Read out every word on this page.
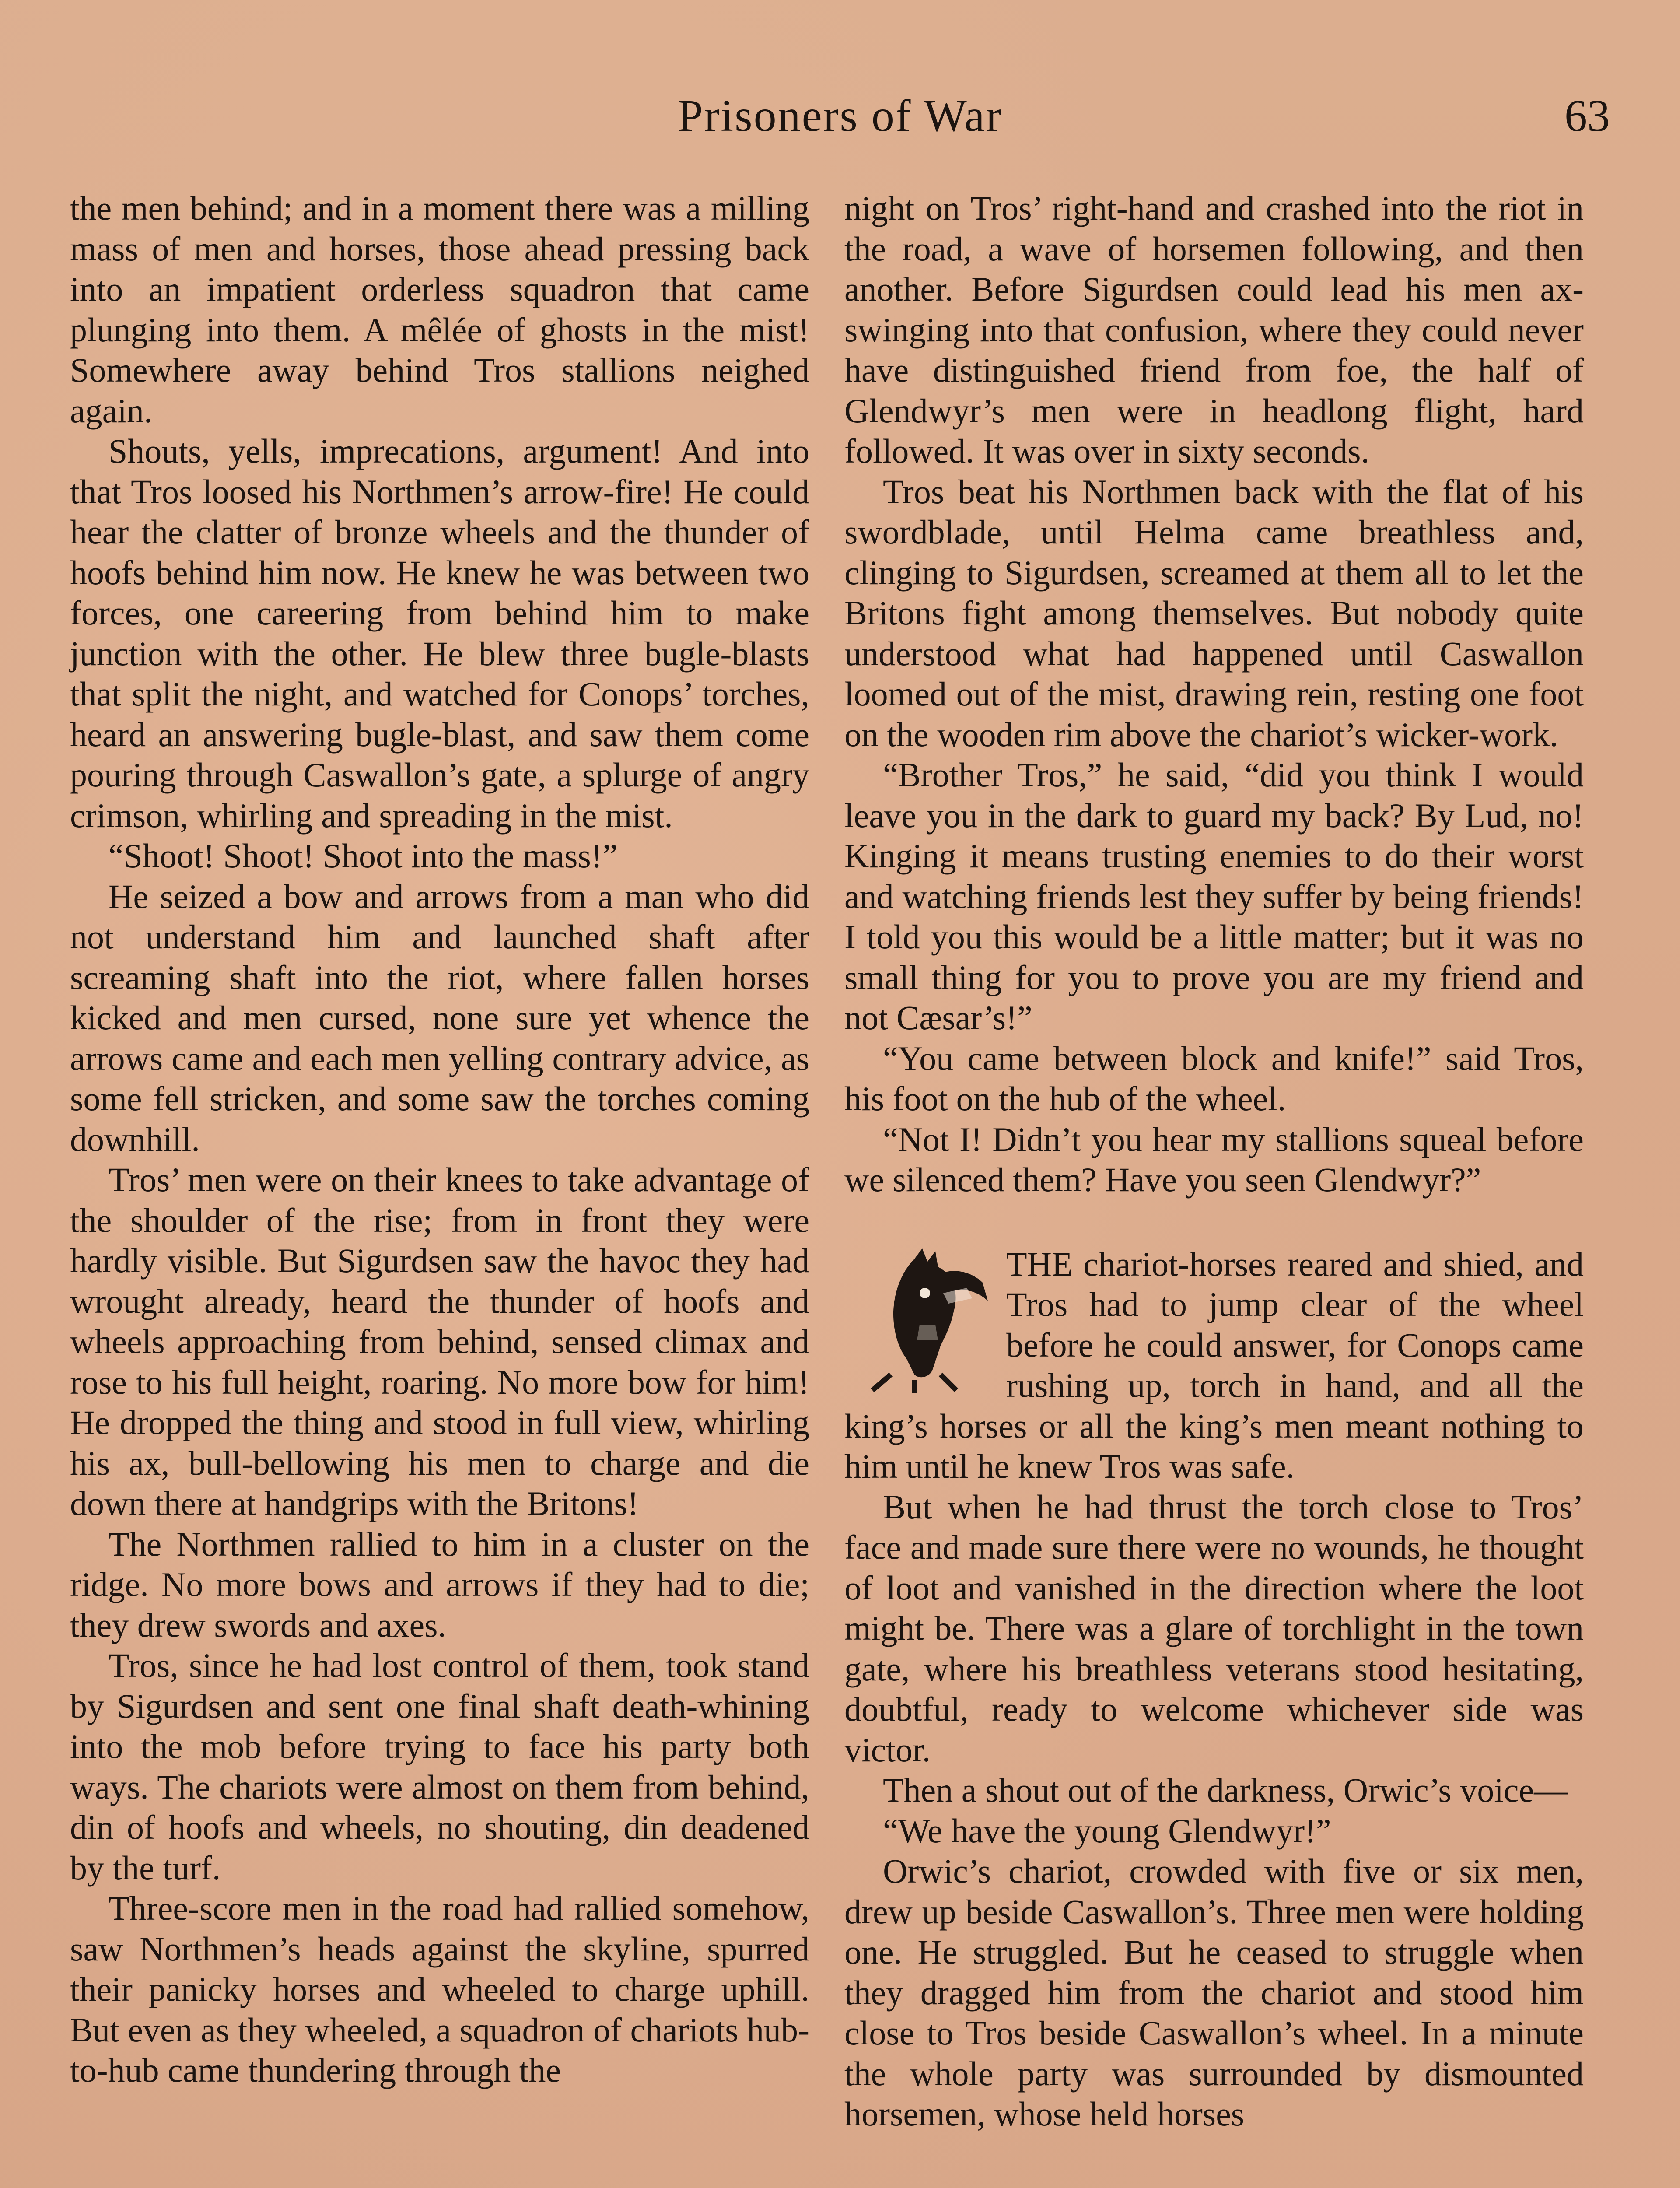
Prisoners of War	63

the men behind; and in a moment there was a milling mass of men and horses, those ahead pressing back into an impatient orderless squadron that came plunging into them. A mêlée of ghosts in the mist! Somewhere away behind Tros stallions neighed again.

Shouts, yells, imprecations, argument! And into that Tros loosed his Northmen’s arrow-fire! He could hear the clatter of bronze wheels and the thunder of hoofs behind him now. He knew he was between two forces, one careering from behind him to make junction with the other. He blew three bugle-blasts that split the night, and watched for Conops’ torches, heard an answering bugle-blast, and saw them come pouring through Caswallon’s gate, a splurge of angry crimson, whirling and spreading in the mist.

“Shoot! Shoot! Shoot into the mass!”

He seized a bow and arrows from a man who did not understand him and launched shaft after screaming shaft into the riot, where fallen horses kicked and men cursed, none sure yet whence the arrows came and each men yelling contrary advice, as some fell stricken, and some saw the torches coming downhill.

Tros’ men were on their knees to take advantage of the shoulder of the rise; from in front they were hardly visible. But Sigurdsen saw the havoc they had wrought already, heard the thunder of hoofs and wheels approaching from behind, sensed climax and rose to his full height, roaring. No more bow for him! He dropped the thing and stood in full view, whirling his ax, bull-bellowing his men to charge and die down there at handgrips with the Britons!

The Northmen rallied to him in a cluster on the ridge. No more bows and arrows if they had to die; they drew swords and axes.

Tros, since he had lost control of them, took stand by Sigurdsen and sent one final shaft death-whining into the mob before trying to face his party both ways. The chariots were almost on them from behind, din of hoofs and wheels, no shouting, din deadened by the turf.

Three-score men in the road had rallied somehow, saw Northmen’s heads against the skyline, spurred their panicky horses and wheeled to charge uphill. But even as they wheeled, a squadron of chariots hub-to-hub came thundering through the

night on Tros’ right-hand and crashed into the riot in the road, a wave of horsemen following, and then another. Before Sigurdsen could lead his men ax-swinging into that confusion, where they could never have distinguished friend from foe, the half of Glendwyr’s men were in headlong flight, hard followed. It was over in sixty seconds.

Tros beat his Northmen back with the flat of his swordblade, until Helma came breathless and, clinging to Sigurdsen, screamed at them all to let the Britons fight among themselves. But nobody quite understood what had happened until Caswallon loomed out of the mist, drawing rein, resting one foot on the wooden rim above the chariot’s wicker-work.

“Brother Tros,” he said, “did you think I would leave you in the dark to guard my back? By Lud, no! Kinging it means trusting enemies to do their worst and watching friends lest they suffer by being friends! I told you this would be a little matter; but it was no small thing for you to prove you are my friend and not Cæsar’s!”

“You came between block and knife!” said Tros, his foot on the hub of the wheel.

“Not I! Didn’t you hear my stallions squeal before we silenced them? Have you seen Glendwyr?”

THE chariot-horses reared and shied, and Tros had to jump clear of the wheel before he could answer, for Conops came rushing up, torch in hand, and all the king’s horses or all the king’s men meant nothing to him until he knew Tros was safe.

But when he had thrust the torch close to Tros’ face and made sure there were no wounds, he thought of loot and vanished in the direction where the loot might be. There was a glare of torchlight in the town gate, where his breathless veterans stood hesitating, doubtful, ready to welcome whichever side was victor.

Then a shout out of the darkness, Orwic’s voice—

“We have the young Glendwyr!”

Orwic’s chariot, crowded with five or six men, drew up beside Caswallon’s. Three men were holding one. He struggled. But he ceased to struggle when they dragged him from the chariot and stood him close to Tros beside Caswallon’s wheel. In a minute the whole party was surrounded by dismounted horsemen, whose held horses
